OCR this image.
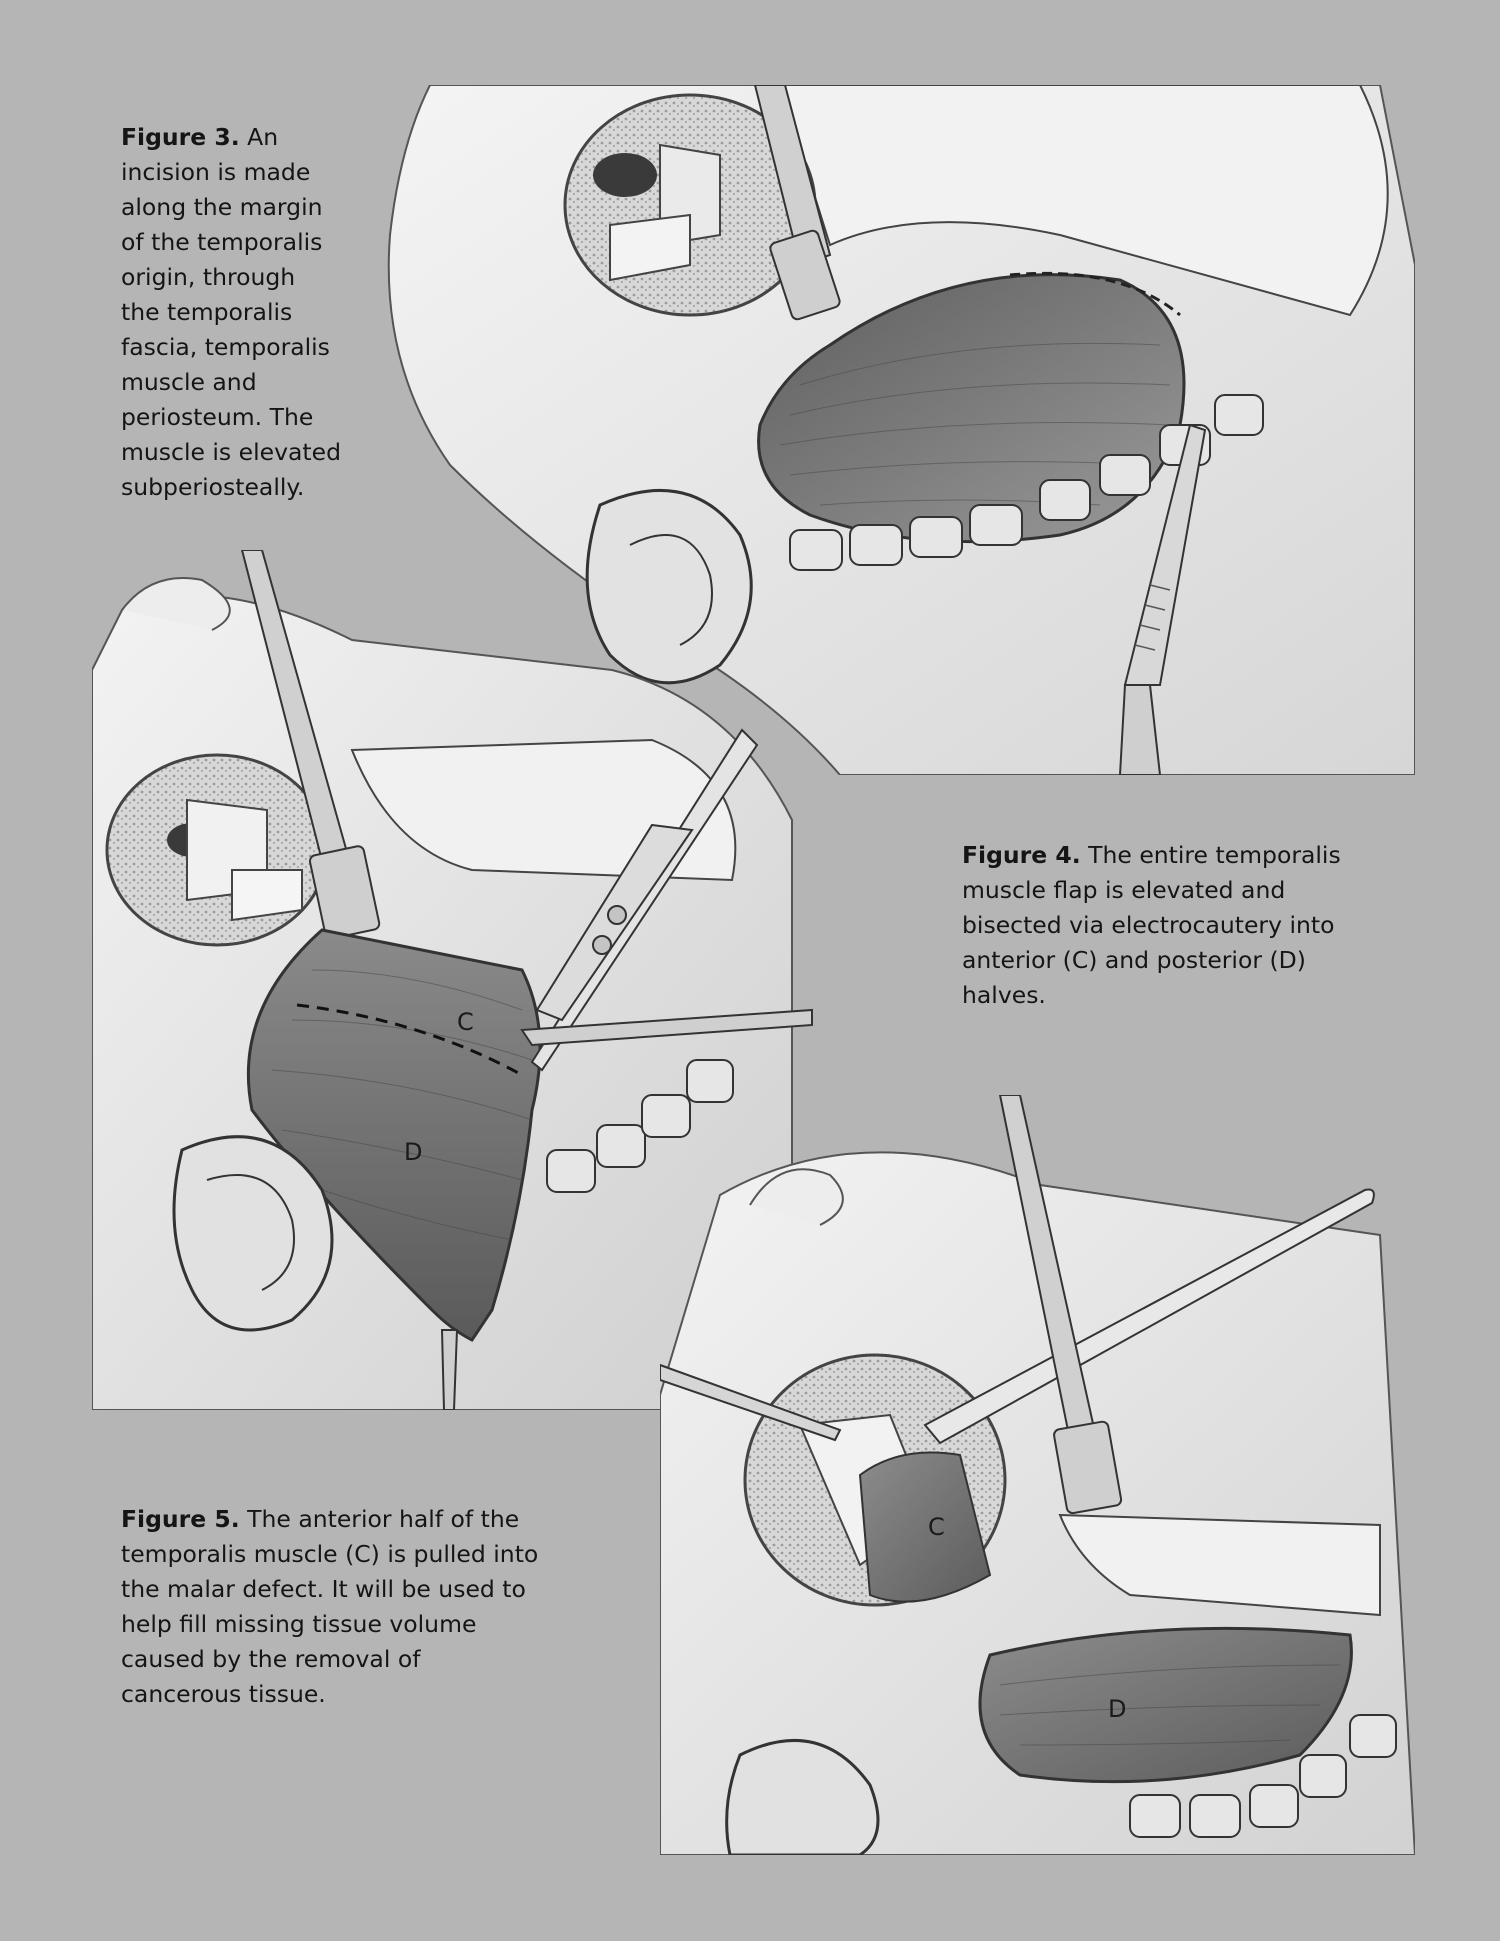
Figure 3. An
incision is made
along the margin
of the temporalis
origin, through
the temporalis
fascia, temporalis
muscle and
periosteum. The
muscle is elevated
subperiosteally.

C
D

Figure 4. The entire temporalis
muscle flap is elevated and
bisected via electrocautery into
anterior (C) and posterior (D)
halves.

C
D

Figure 5. The anterior half of the
temporalis muscle (C) is pulled into
the malar defect. It will be used to
help fill missing tissue volume
caused by the removal of
cancerous tissue.
